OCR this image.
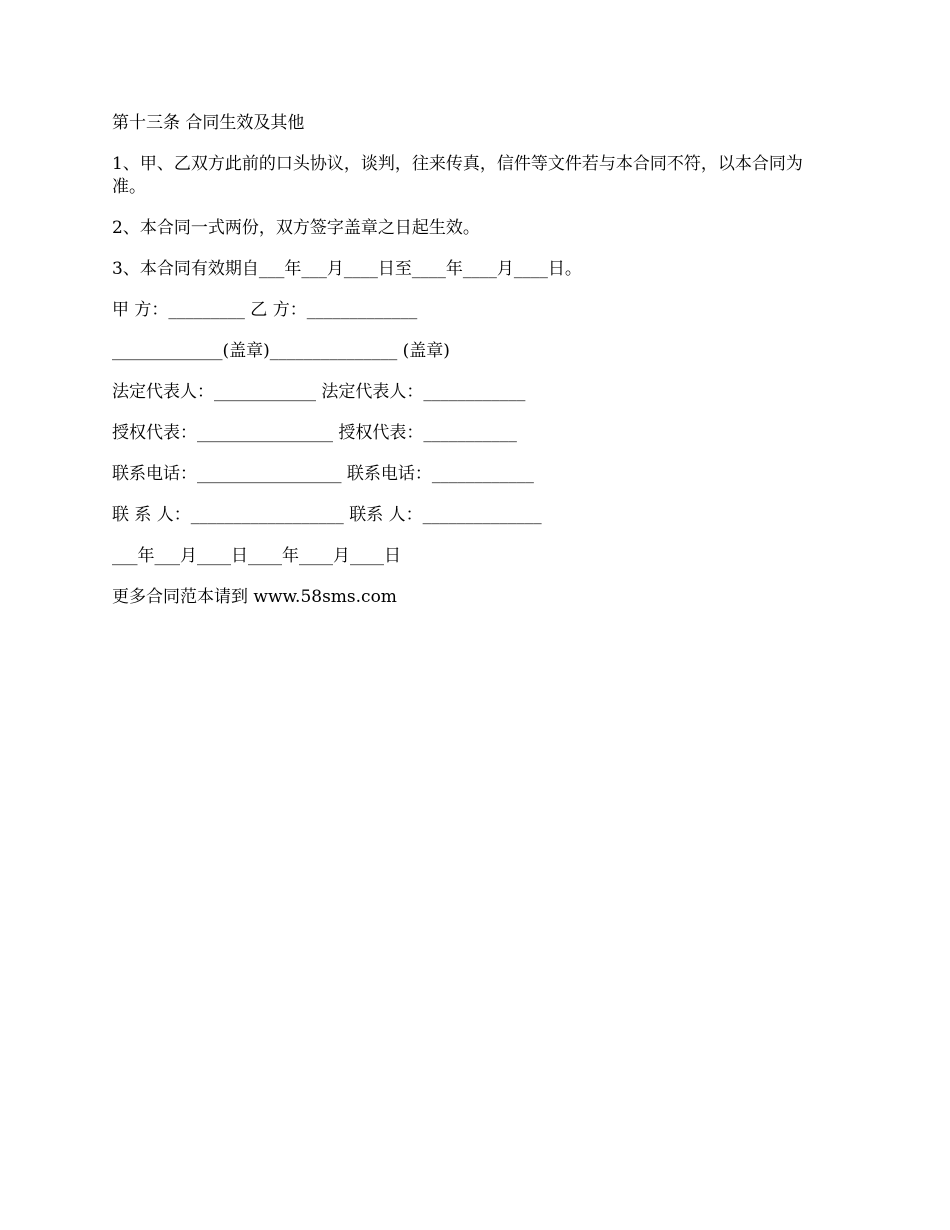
第十三条 合同生效及其他

1、甲、乙双方此前的口头协议，谈判，往来传真，信件等文件若与本合同不符，以本合同为准。

2、本合同一式两份，双方签字盖章之日起生效。

3、本合同有效期自___年___月____日至____年____月____日。

甲 方：_________ 乙 方：_____________

_____________(盖章)_______________ (盖章)

法定代表人：____________ 法定代表人：____________

授权代表：________________ 授权代表：___________

联系电话：_________________ 联系电话：____________

联 系 人：__________________ 联系 人：______________

___年___月____日____年____月____日

更多合同范本请到 www.58sms.com
